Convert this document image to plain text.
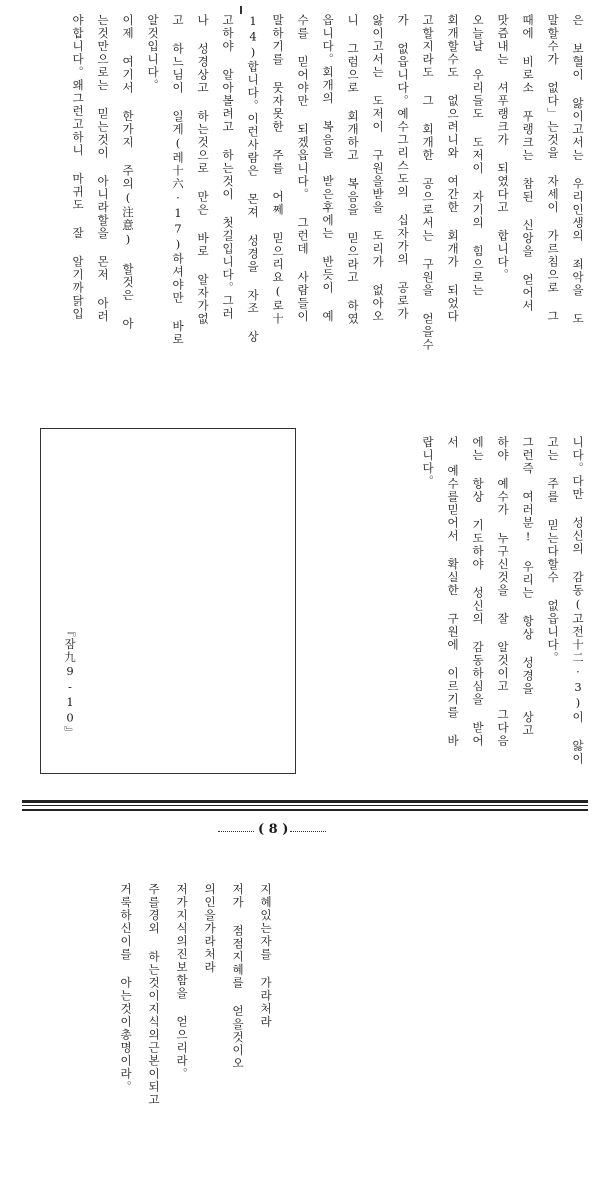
은 보혈이 앓이고서는 우리인생의 죄악을 도
말할수가 없다」는것을 자세이 가르침으로 그
때에 비로소 푸랭크는 참된 신앙을 얻어서
맛즘내는 셔푸랭크가 되였다고 합니다。
오늘날 우리들도 도저이 자기의 힘으로는
회개할수도 없으려니와 여간한 회개가 되었다
고할지라도 그 회개한 공으로서는 구원을 얻을수
가 없읍니다。예수그리스도의 십자가의 공로가
앓이고서는 도저이 구원을받을 도리가 없아오
니 그럼으로 회개하고 복음을 믿으라고 하였
읍니다。회개의 복음을 받은후에는 반듯이 예
수를 믿어야만 되겠읍니다。 그런데 사람들이
말하기를 뭇자못한 주를 어쩨 믿으리요(로十
14)합니다。이런사람은 몬져 성경을 자조 상
고하야 알아볼려고 하는것이 첫길입니다。그러
나 성경상고 하는것으로 만은 바로 알자가없
고 하느님이 일게(레十六·17)하셔야만 바로
알것입니다。
이제 여기서 한가지 주의(注意) 할것은 아
는것만으로는 믿는것이 아니라할을 몬저 아러
야합니다。왜그런고하니 마귀도 잘 알기까닭입
니다。다만 성신의 감동(고전十二·3)이 앓이
고는 주를 믿는다할수 없읍니다。
그런즉 여러분! 우리는 항상 성경을 상고
하야 예수가 누구신것을 잘 알것이고 그다음
에는 항상 기도하야 성신의 감동하심을 받어
서 예수를믿어서 확실한 구원에 이르기를 바
랍니다。
지혜있는자를 가라처라
저가 점점지혜를 얻을것이오
의인을가라처라
저가지식의진보함을 얻으리라。
주를경외 하는것이지식의근본이되고
거룩하신이를 아는것이총명이라。
『잠九9-10』
( 8 )
